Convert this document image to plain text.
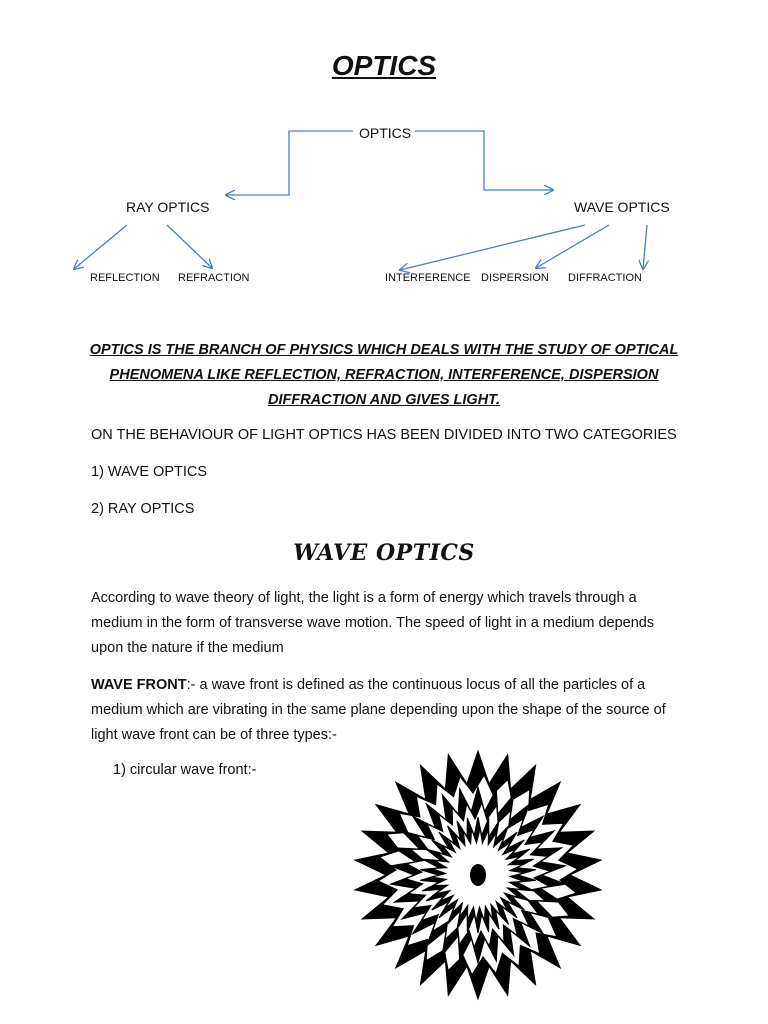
OPTICS
OPTICS
RAY OPTICS	WAVE OPTICS
REFLECTION REFRACTION	INTERFERENCE DISPERSION DIFFRACTION
OPTICS IS THE BRANCH OF PHYSICS WHICH DEALS WITH THE STUDY OF OPTICAL PHENOMENA LIKE REFLECTION, REFRACTION, INTERFERENCE, DISPERSION DIFFRACTION AND GIVES LIGHT.
ON THE BEHAVIOUR OF LIGHT OPTICS HAS BEEN DIVIDED INTO TWO CATEGORIES
1) WAVE OPTICS
2) RAY OPTICS
WAVE OPTICS
According to wave theory of light, the light is a form of energy which travels through a medium in the form of transverse wave motion. The speed of light in a medium depends upon the nature if the medium
WAVE FRONT:- a wave front is defined as the continuous locus of all the particles of a medium which are vibrating in the same plane depending upon the shape of the source of light wave front can be of three types:-
1) circular wave front:-
